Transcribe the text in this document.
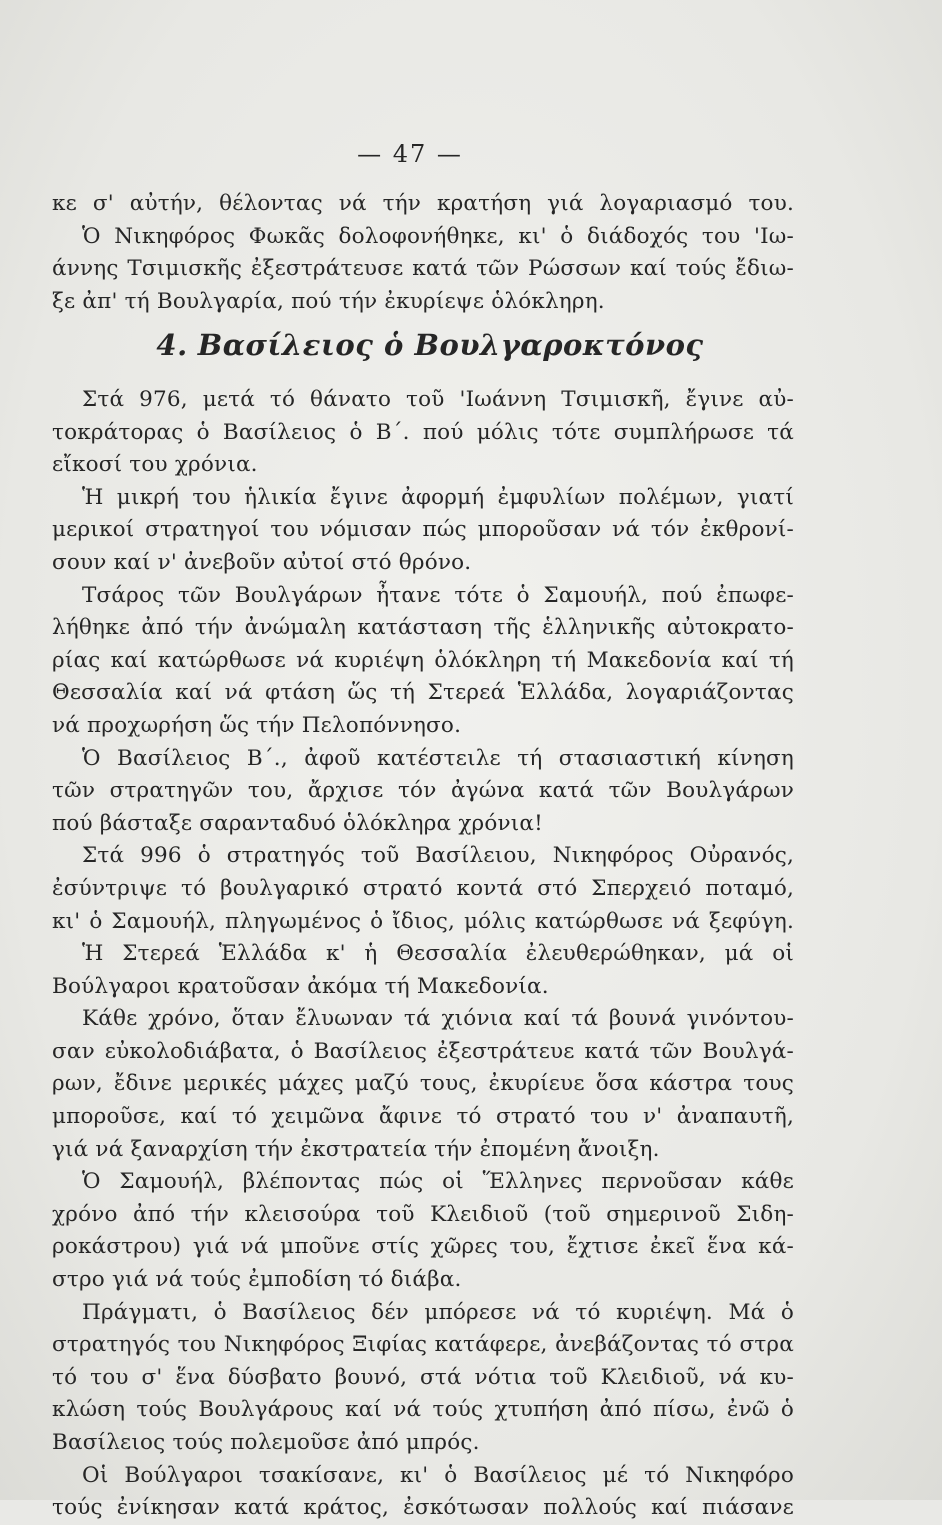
— 47 —
κε σ' αὐτήν, θέλοντας νά τήν κρατήση γιά λογαριασμό του.
Ὁ Νικηφόρος Φωκᾶς δολοφονήθηκε, κι' ὁ διάδοχός του 'Ιω-
άννης Τσιμισκῆς ἐξεστράτευσε κατά τῶν Ρώσσων καί τούς ἔδιω-
ξε ἀπ' τή Βουλγαρία, πού τήν ἐκυρίεψε ὁλόκληρη.
4. Βασίλειος ὁ Βουλγαροκτόνος
Στά 976, μετά τό θάνατο τοῦ 'Ιωάννη Τσιμισκῆ, ἔγινε αὐ-
τοκράτορας ὁ Βασίλειος ὁ Β΄. πού μόλις τότε συμπλήρωσε τά
εἴκοσί του χρόνια.
Ἡ μικρή του ἡλικία ἔγινε ἀφορμή ἐμφυλίων πολέμων, γιατί
μερικοί στρατηγοί του νόμισαν πώς μποροῦσαν νά τόν ἐκθρονί-
σουν καί ν' ἀνεβοῦν αὐτοί στό θρόνο.
Τσάρος τῶν Βουλγάρων ἦτανε τότε ὁ Σαμουήλ, πού ἐπωφε-
λήθηκε ἀπό τήν ἀνώμαλη κατάσταση τῆς ἑλληνικῆς αὐτοκρατο-
ρίας καί κατώρθωσε νά κυριέψη ὁλόκληρη τή Μακεδονία καί τή
Θεσσαλία καί νά φτάση ὥς τή Στερεά Ἑλλάδα, λογαριάζοντας
νά προχωρήση ὥς τήν Πελοπόννησο.
Ὁ Βασίλειος Β΄., ἀφοῦ κατέστειλε τή στασιαστική κίνηση
τῶν στρατηγῶν του, ἄρχισε τόν ἀγώνα κατά τῶν Βουλγάρων
πού βάσταξε σαρανταδυό ὁλόκληρα χρόνια!
Στά 996 ὁ στρατηγός τοῦ Βασίλειου, Νικηφόρος Οὐρανός,
ἐσύντριψε τό βουλγαρικό στρατό κοντά στό Σπερχειό ποταμό,
κι' ὁ Σαμουήλ, πληγωμένος ὁ ἴδιος, μόλις κατώρθωσε νά ξεφύγη.
Ἡ Στερεά Ἑλλάδα κ' ἡ Θεσσαλία ἐλευθερώθηκαν, μά οἱ
Βούλγαροι κρατοῦσαν ἀκόμα τή Μακεδονία.
Κάθε χρόνο, ὅταν ἔλυωναν τά χιόνια καί τά βουνά γινόντου-
σαν εὐκολοδιάβατα, ὁ Βασίλειος ἐξεστράτευε κατά τῶν Βουλγά-
ρων, ἔδινε μερικές μάχες μαζύ τους, ἐκυρίευε ὅσα κάστρα τους
μποροῦσε, καί τό χειμῶνα ἄφινε τό στρατό του ν' ἀναπαυτῆ,
γιά νά ξαναρχίση τήν ἐκστρατεία τήν ἐπομένη ἄνοιξη.
Ὁ Σαμουήλ, βλέποντας πώς οἱ Ἕλληνες περνοῦσαν κάθε
χρόνο ἀπό τήν κλεισούρα τοῦ Κλειδιοῦ (τοῦ σημερινοῦ Σιδη-
ροκάστρου) γιά νά μποῦνε στίς χῶρες του, ἔχτισε ἐκεῖ ἕνα κά-
στρο γιά νά τούς ἐμποδίση τό διάβα.
Πράγματι, ὁ Βασίλειος δέν μπόρεσε νά τό κυριέψη. Μά ὁ
στρατηγός του Νικηφόρος Ξιφίας κατάφερε, ἀνεβάζοντας τό στρα
τό του σ' ἕνα δύσβατο βουνό, στά νότια τοῦ Κλειδιοῦ, νά κυ-
κλώση τούς Βουλγάρους καί νά τούς χτυπήση ἀπό πίσω, ἐνῶ ὁ
Βασίλειος τούς πολεμοῦσε ἀπό μπρός.
Οἱ Βούλγαροι τσακίσανε, κι' ὁ Βασίλειος μέ τό Νικηφόρο
τούς ἐνίκησαν κατά κράτος, ἐσκότωσαν πολλούς καί πιάσανε
